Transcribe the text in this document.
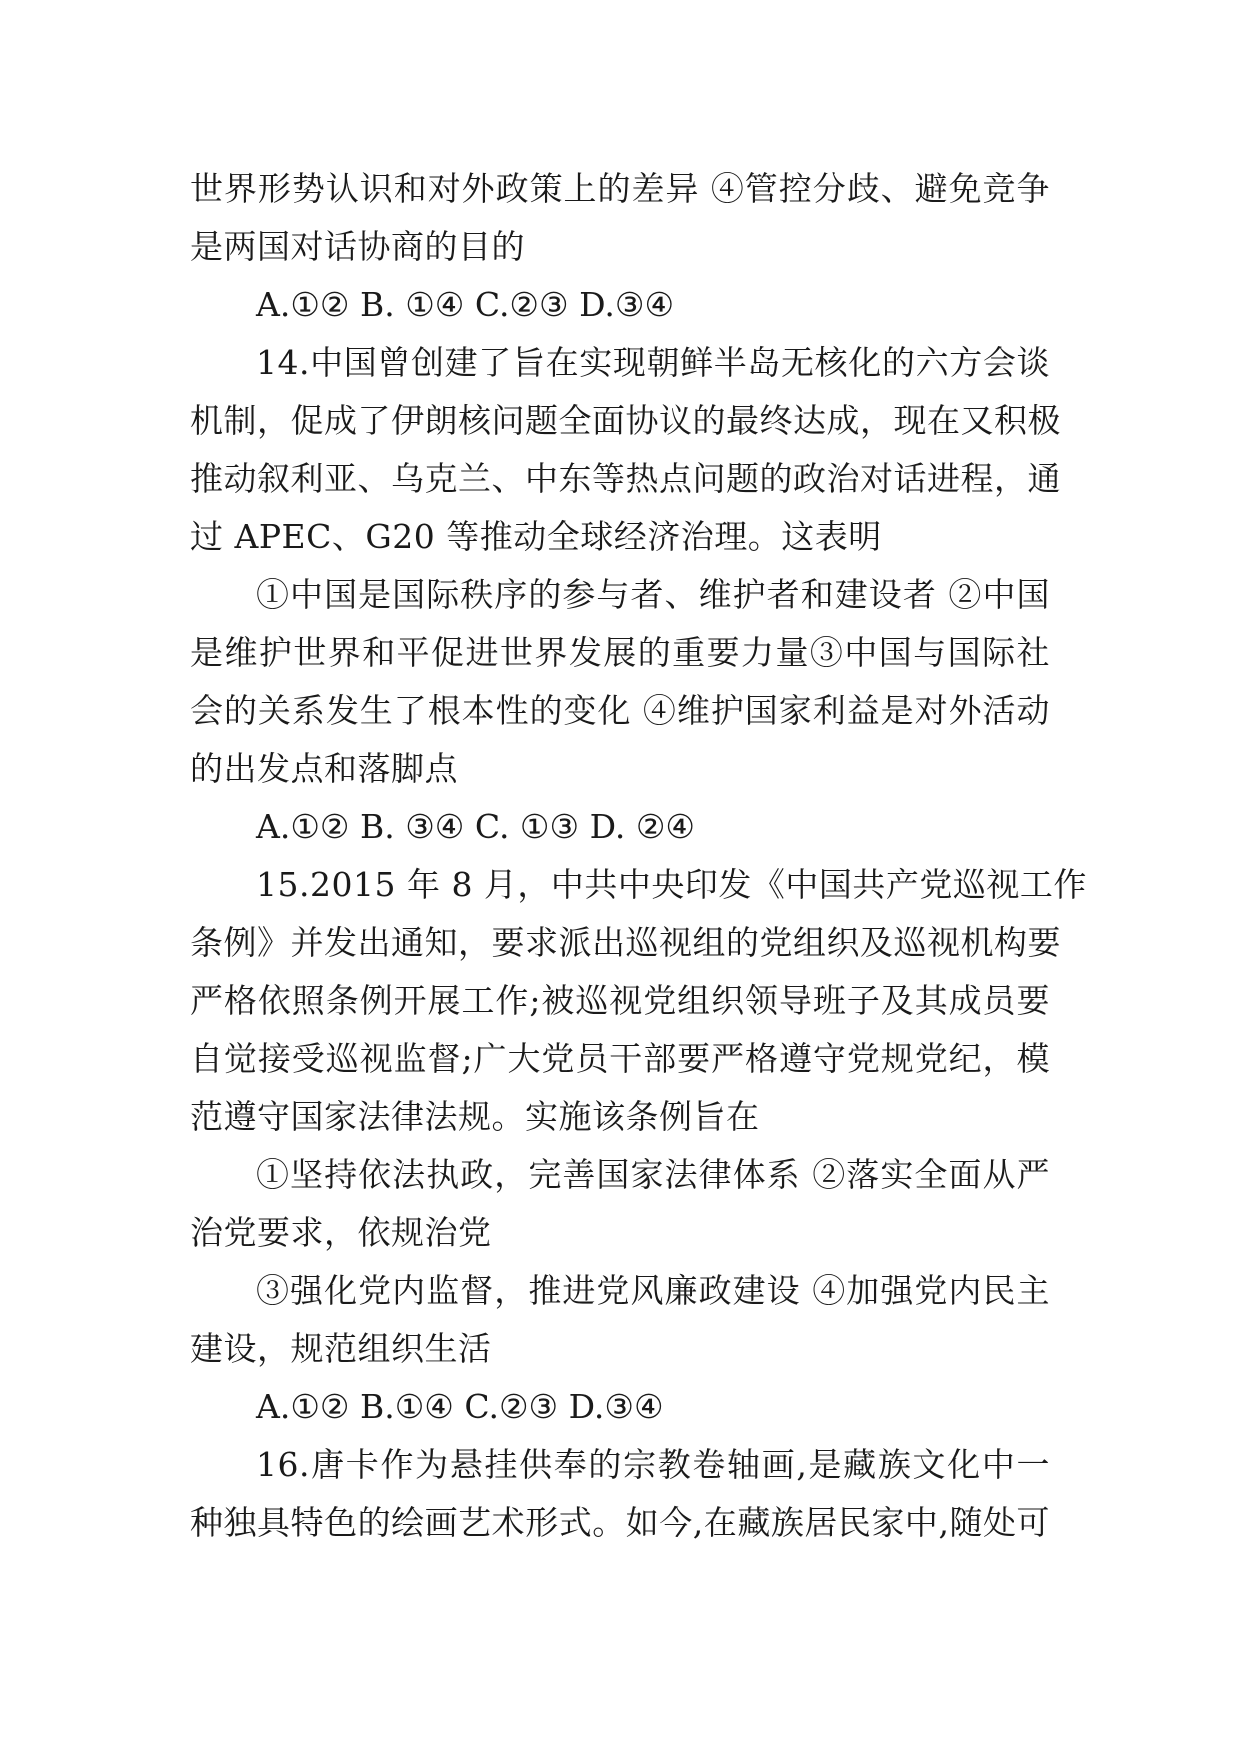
世界形势认识和对外政策上的差异 ④管控分歧、避免竞争
是两国对话协商的目的
A.①② B. ①④ C.②③ D.③④
14.中国曾创建了旨在实现朝鲜半岛无核化的六方会谈
机制，促成了伊朗核问题全面协议的最终达成，现在又积极
推动叙利亚、乌克兰、中东等热点问题的政治对话进程，通
过 APEC、G20 等推动全球经济治理。这表明
①中国是国际秩序的参与者、维护者和建设者 ②中国
是维护世界和平促进世界发展的重要力量③中国与国际社
会的关系发生了根本性的变化 ④维护国家利益是对外活动
的出发点和落脚点
A.①② B. ③④ C. ①③ D. ②④
15.2015 年 8 月，中共中央印发《中国共产党巡视工作
条例》并发出通知，要求派出巡视组的党组织及巡视机构要
严格依照条例开展工作;被巡视党组织领导班子及其成员要
自觉接受巡视监督;广大党员干部要严格遵守党规党纪，模
范遵守国家法律法规。实施该条例旨在
①坚持依法执政，完善国家法律体系 ②落实全面从严
治党要求，依规治党
③强化党内监督，推进党风廉政建设 ④加强党内民主
建设，规范组织生活
A.①② B.①④ C.②③ D.③④
16.唐卡作为悬挂供奉的宗教卷轴画,是藏族文化中一
种独具特色的绘画艺术形式。如今,在藏族居民家中,随处可
